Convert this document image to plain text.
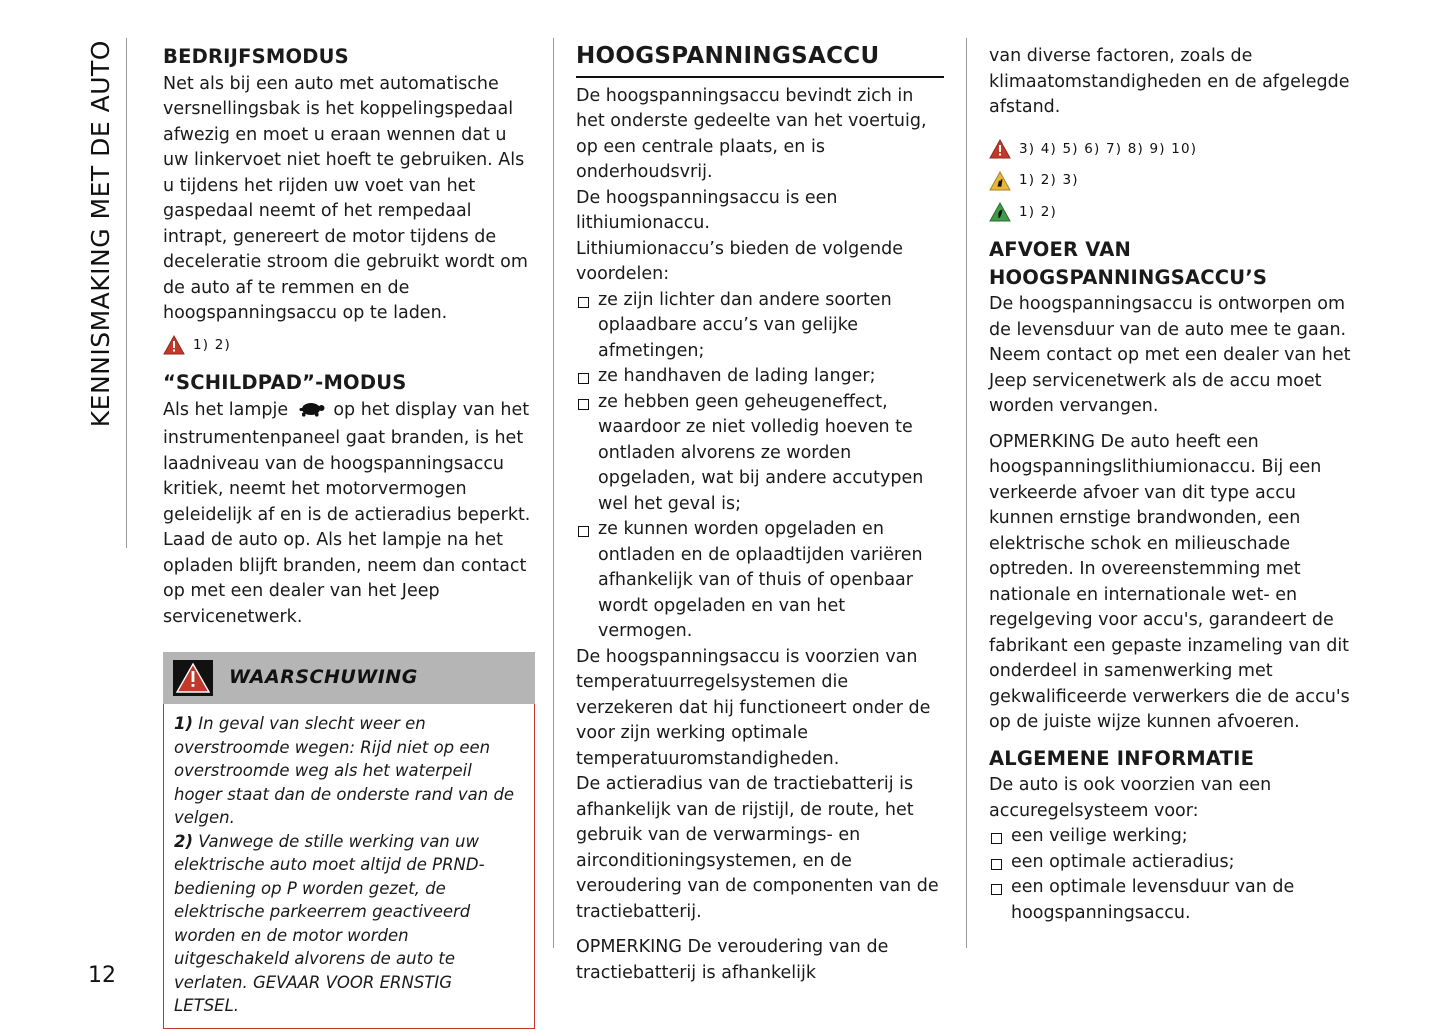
KENNISMAKING MET DE AUTO BEDRIJFSMODUS

Net als bij een auto met automatische versnellingsbak is het koppelingspedaal afwezig en moet u eraan wennen dat u uw linkervoet niet hoeft te gebruiken. Als u tijdens het rijden uw voet van het gaspedaal neemt of het rempedaal intrapt, genereert de motor tijdens de deceleratie stroom die gebruikt wordt om de auto af te remmen en de hoogspanningsaccu op te laden.

1) 2)
“SCHILDPAD”-MODUS

Als het lampje	op het display van het instrumentenpaneel gaat branden, is het laadniveau van de hoogspanningsaccu kritiek, neemt het motorvermogen geleidelijk af en is de actieradius beperkt. Laad de auto op. Als het lampje na het opladen blijft branden, neem dan contact op met een dealer van het Jeep servicenetwerk.

WAARSCHUWING

1) In geval van slecht weer en overstroomde wegen: Rijd niet op een overstroomde weg als het waterpeil hoger staat dan de onderste rand van de velgen.

2) Vanwege de stille werking van uw elektrische auto moet altijd de PRND-bediening op P worden gezet, de elektrische parkeerrem geactiveerd worden en de motor worden uitgeschakeld alvorens de auto te verlaten. GEVAAR VOOR ERNSTIG LETSEL.

HOOGSPANNINGSACCU

De hoogspanningsaccu bevindt zich in het onderste gedeelte van het voertuig, op een centrale plaats, en is onderhoudsvrij.

De hoogspanningsaccu is een lithiumionaccu.

Lithiumionaccu’s bieden de volgende voordelen:

ze zijn lichter dan andere soorten oplaadbare accu’s van gelijke afmetingen;

ze handhaven de lading langer;

ze hebben geen geheugeneffect, waardoor ze niet volledig hoeven te ontladen alvorens ze worden opgeladen, wat bij andere accutypen wel het geval is;

ze kunnen worden opgeladen en ontladen en de oplaadtijden variëren afhankelijk van of thuis of openbaar wordt opgeladen en van het vermogen.

De hoogspanningsaccu is voorzien van temperatuurregelsystemen die verzekeren dat hij functioneert onder de voor zijn werking optimale temperatuuromstandigheden.

De actieradius van de tractiebatterij is afhankelijk van de rijstijl, de route, het gebruik van de verwarmings- en airconditioningsystemen, en de veroudering van de componenten van de tractiebatterij.

OPMERKING De veroudering van de tractiebatterij is afhankelijk

van diverse factoren, zoals de klimaatomstandigheden en de afgelegde afstand.

3) 4) 5) 6) 7) 8) 9) 10)
1) 2) 3)
1) 2)
AFVOER VAN
HOOGSPANNINGSACCU’S

De hoogspanningsaccu is ontworpen om de levensduur van de auto mee te gaan. Neem contact op met een dealer van het Jeep servicenetwerk als de accu moet worden vervangen.

OPMERKING De auto heeft een hoogspanningslithiumionaccu. Bij een verkeerde afvoer van dit type accu kunnen ernstige brandwonden, een elektrische schok en milieuschade optreden. In overeenstemming met nationale en internationale wet- en regelgeving voor accu's, garandeert de fabrikant een gepaste inzameling van dit onderdeel in samenwerking met gekwalificeerde verwerkers die de accu's op de juiste wijze kunnen afvoeren.

ALGEMENE INFORMATIE

De auto is ook voorzien van een accuregelsysteem voor:

een veilige werking;

een optimale actieradius;

een optimale levensduur van de hoogspanningsaccu.

12
